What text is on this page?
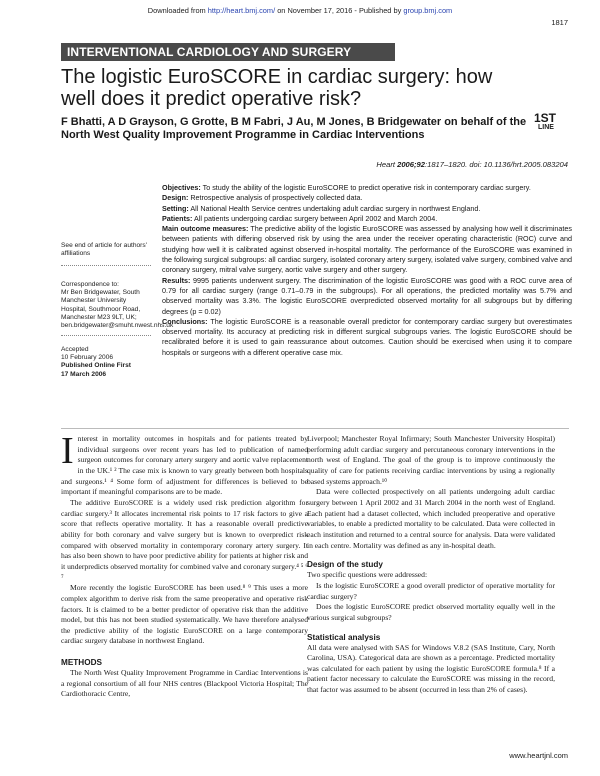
Downloaded from http://heart.bmj.com/ on November 17, 2016 - Published by group.bmj.com
1817
INTERVENTIONAL CARDIOLOGY AND SURGERY
The logistic EuroSCORE in cardiac surgery: how well does it predict operative risk?
F Bhatti, A D Grayson, G Grotte, B M Fabri, J Au, M Jones, B Bridgewater on behalf of the North West Quality Improvement Programme in Cardiac Interventions
1ST
LINE
Heart 2006;92:1817–1820. doi: 10.1136/hrt.2005.083204

Objectives: To study the ability of the logistic EuroSCORE to predict operative risk in contemporary cardiac surgery.

Design: Retrospective analysis of prospectively collected data.

Setting: All National Health Service centres undertaking adult cardiac surgery in northwest England.

Patients: All patients undergoing cardiac surgery between April 2002 and March 2004.

Main outcome measures: The predictive ability of the logistic EuroSCORE was assessed by analysing how well it discriminates between patients with differing observed risk by using the area under the receiver operating characteristic (ROC) curve and studying how well it is calibrated against observed in-hospital mortality. The performance of the EuroSCORE was examined in the following surgical subgroups: all cardiac surgery, isolated coronary artery surgery, isolated valve surgery, combined valve and coronary surgery, mitral valve surgery, aortic valve surgery and other surgery.

Results: 9995 patients underwent surgery. The discrimination of the logistic EuroSCORE was good with a ROC curve area of 0.79 for all cardiac surgery (range 0.71–0.79 in the subgroups). For all operations, the predicted mortality was 5.7% and observed mortality was 3.3%. The logistic EuroSCORE overpredicted observed mortality for all subgroups but by differing degrees (p = 0.02)

Conclusions: The logistic EuroSCORE is a reasonable overall predictor for contemporary cardiac surgery but overestimates observed mortality. Its accuracy at predicting risk in different surgical subgroups varies. The logistic EuroSCORE should be recalibrated before it is used to gain reassurance about outcomes. Caution should be exercised when using it to compare hospitals or surgeons with a different operative case mix.

See end of article for authors' affiliations

Correspondence to:

Mr Ben Bridgewater, South Manchester University Hospital, Southmoor Road, Manchester M23 9LT, UK; ben.bridgewater@smuht.nwest.nhs.uk

Accepted

10 February 2006

Published Online First

17 March 2006

Interest in mortality outcomes in hospitals and for patients treated by individual surgeons over recent years has led to publication of named surgeon outcomes for coronary artery surgery and aortic valve replacement in the UK.¹ ² The case mix is known to vary greatly between both hospitals and surgeons.¹ ⁴ Some form of adjustment for differences is believed to be important if meaningful comparisons are to be made.

The additive EuroSCORE is a widely used risk prediction algorithm for cardiac surgery.³ It allocates incremental risk points to 17 risk factors to give a score that reflects operative mortality. It has a reasonable overall predictive ability for both coronary and valve surgery but is known to overpredict risk compared with observed mortality in contemporary coronary artery surgery. It has also been shown to have poor predictive ability for patients at higher risk and it underpredicts observed mortality for combined valve and coronary surgery.⁴ ⁵ ⁶ ⁷

More recently the logistic EuroSCORE has been used.⁸ ⁹ This uses a more complex algorithm to derive risk from the same preoperative and operative risk factors. It is claimed to be a better predictor of operative risk than the additive model, but this has not been studied systematically. We have therefore analysed the predictive ability of the logistic EuroSCORE on a large contemporary cardiac surgery database in northwest England.

METHODS

The North West Quality Improvement Programme in Cardiac Interventions is a regional consortium of all four NHS centres (Blackpool Victoria Hospital; The Cardiothoracic Centre,

Liverpool; Manchester Royal Infirmary; South Manchester University Hospital) performing adult cardiac surgery and percutaneous coronary interventions in the north west of England. The goal of the group is to improve continuously the quality of care for patients receiving cardiac interventions by using a regionally based systems approach.¹⁰

Data were collected prospectively on all patients undergoing adult cardiac surgery between 1 April 2002 and 31 March 2004 in the north west of England. Each patient had a dataset collected, which included preoperative and operative variables, to enable a predicted mortality to be calculated. Data were collected in each institution and returned to a central source for analysis. Data were validated in each centre. Mortality was defined as any in-hospital death.

Design of the study

Two specific questions were addressed:

Is the logistic EuroSCORE a good overall predictor of operative mortality for cardiac surgery?

Does the logistic EuroSCORE predict observed mortality equally well in the various surgical subgroups?

Statistical analysis

All data were analysed with SAS for Windows V.8.2 (SAS Institute, Cary, North Carolina, USA). Categorical data are shown as a percentage. Predicted mortality was calculated for each patient by using the logistic EuroSCORE formula.⁸ If a patient factor necessary to calculate the EuroSCORE was missing in the record, that factor was assumed to be absent (occurred in less than 2% of cases).

www.heartjnl.com
